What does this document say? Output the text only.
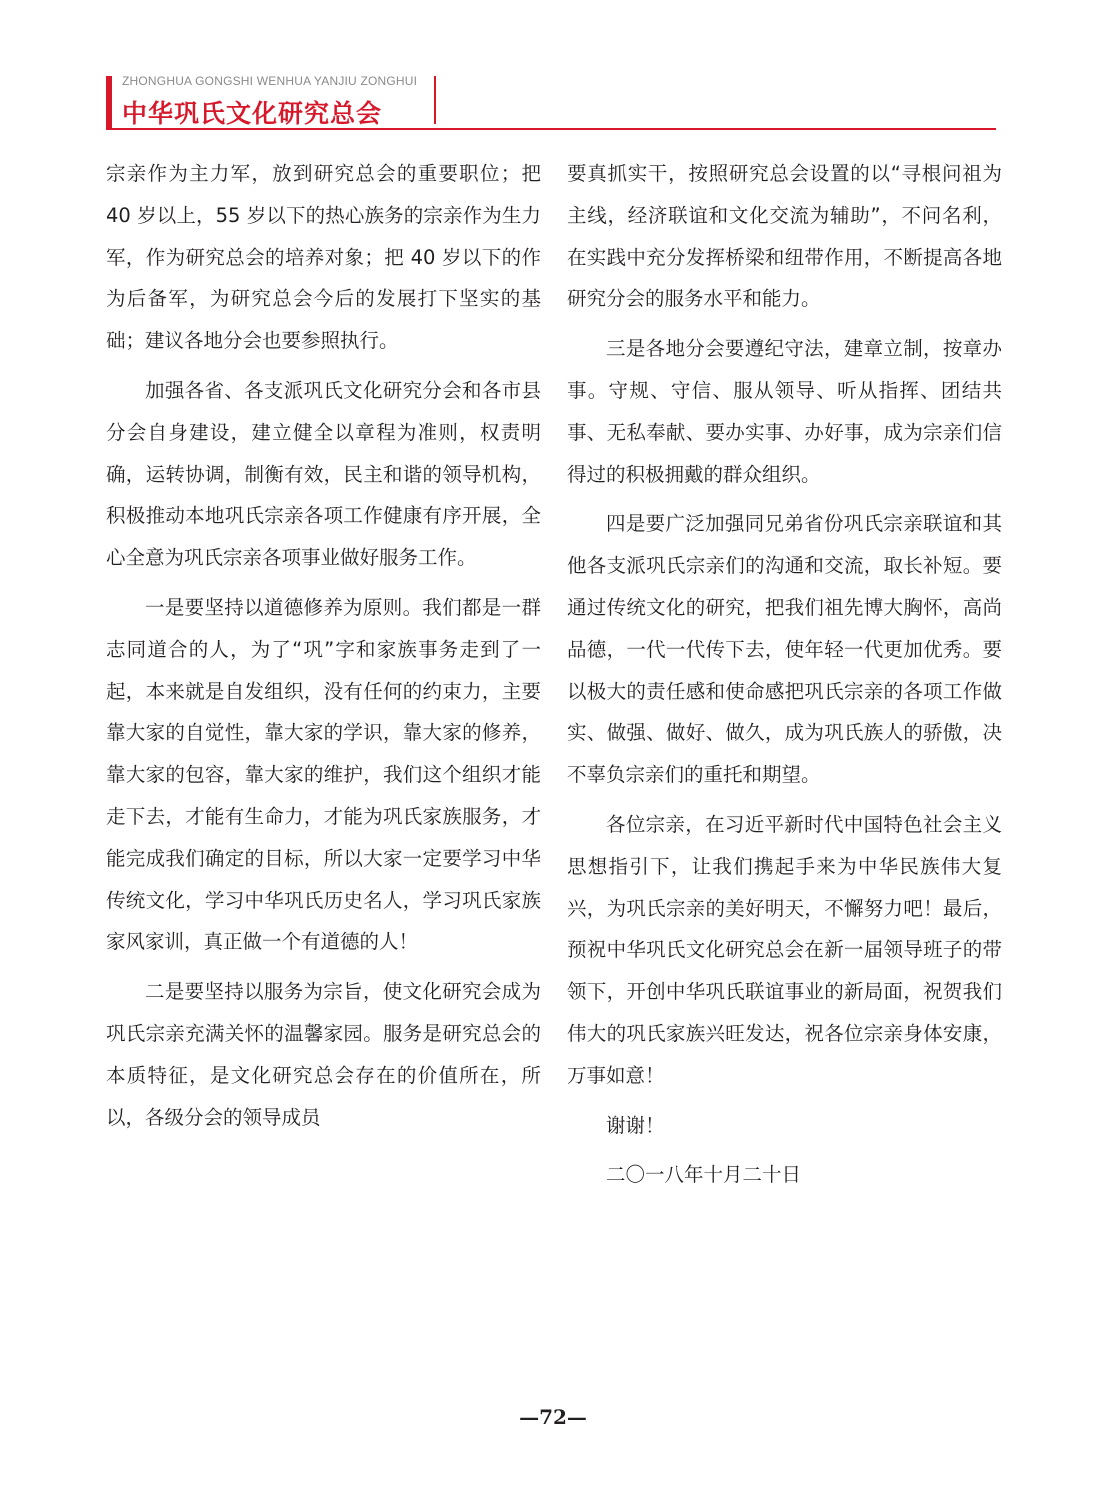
ZHONGHUA GONGSHI WENHUA YANJIU ZONGHUI
中华巩氏文化研究总会

宗亲作为主力军，放到研究总会的重要职位；把 40 岁以上，55 岁以下的热心族务的宗亲作为生力军，作为研究总会的培养对象；把 40 岁以下的作为后备军，为研究总会今后的发展打下坚实的基础；建议各地分会也要参照执行。

加强各省、各支派巩氏文化研究分会和各市县分会自身建设，建立健全以章程为准则，权责明确，运转协调，制衡有效，民主和谐的领导机构，积极推动本地巩氏宗亲各项工作健康有序开展，全心全意为巩氏宗亲各项事业做好服务工作。

一是要坚持以道德修养为原则。我们都是一群志同道合的人，为了“巩”字和家族事务走到了一起，本来就是自发组织，没有任何的约束力，主要靠大家的自觉性，靠大家的学识，靠大家的修养，靠大家的包容，靠大家的维护，我们这个组织才能走下去，才能有生命力，才能为巩氏家族服务，才能完成我们确定的目标，所以大家一定要学习中华传统文化，学习中华巩氏历史名人，学习巩氏家族家风家训，真正做一个有道德的人！

二是要坚持以服务为宗旨，使文化研究会成为巩氏宗亲充满关怀的温馨家园。服务是研究总会的本质特征，是文化研究总会存在的价值所在，所以，各级分会的领导成员

要真抓实干，按照研究总会设置的以“寻根问祖为主线，经济联谊和文化交流为辅助”，不问名利，在实践中充分发挥桥梁和纽带作用，不断提高各地研究分会的服务水平和能力。

三是各地分会要遵纪守法，建章立制，按章办事。守规、守信、服从领导、听从指挥、团结共事、无私奉献、要办实事、办好事，成为宗亲们信得过的积极拥戴的群众组织。

四是要广泛加强同兄弟省份巩氏宗亲联谊和其他各支派巩氏宗亲们的沟通和交流，取长补短。要通过传统文化的研究，把我们祖先博大胸怀，高尚品德，一代一代传下去，使年轻一代更加优秀。要以极大的责任感和使命感把巩氏宗亲的各项工作做实、做强、做好、做久，成为巩氏族人的骄傲，决不辜负宗亲们的重托和期望。

各位宗亲，在习近平新时代中国特色社会主义思想指引下，让我们携起手来为中华民族伟大复兴，为巩氏宗亲的美好明天，不懈努力吧！最后，预祝中华巩氏文化研究总会在新一届领导班子的带领下，开创中华巩氏联谊事业的新局面，祝贺我们伟大的巩氏家族兴旺发达，祝各位宗亲身体安康，万事如意！

谢谢！

二〇一八年十月二十日

—72—
